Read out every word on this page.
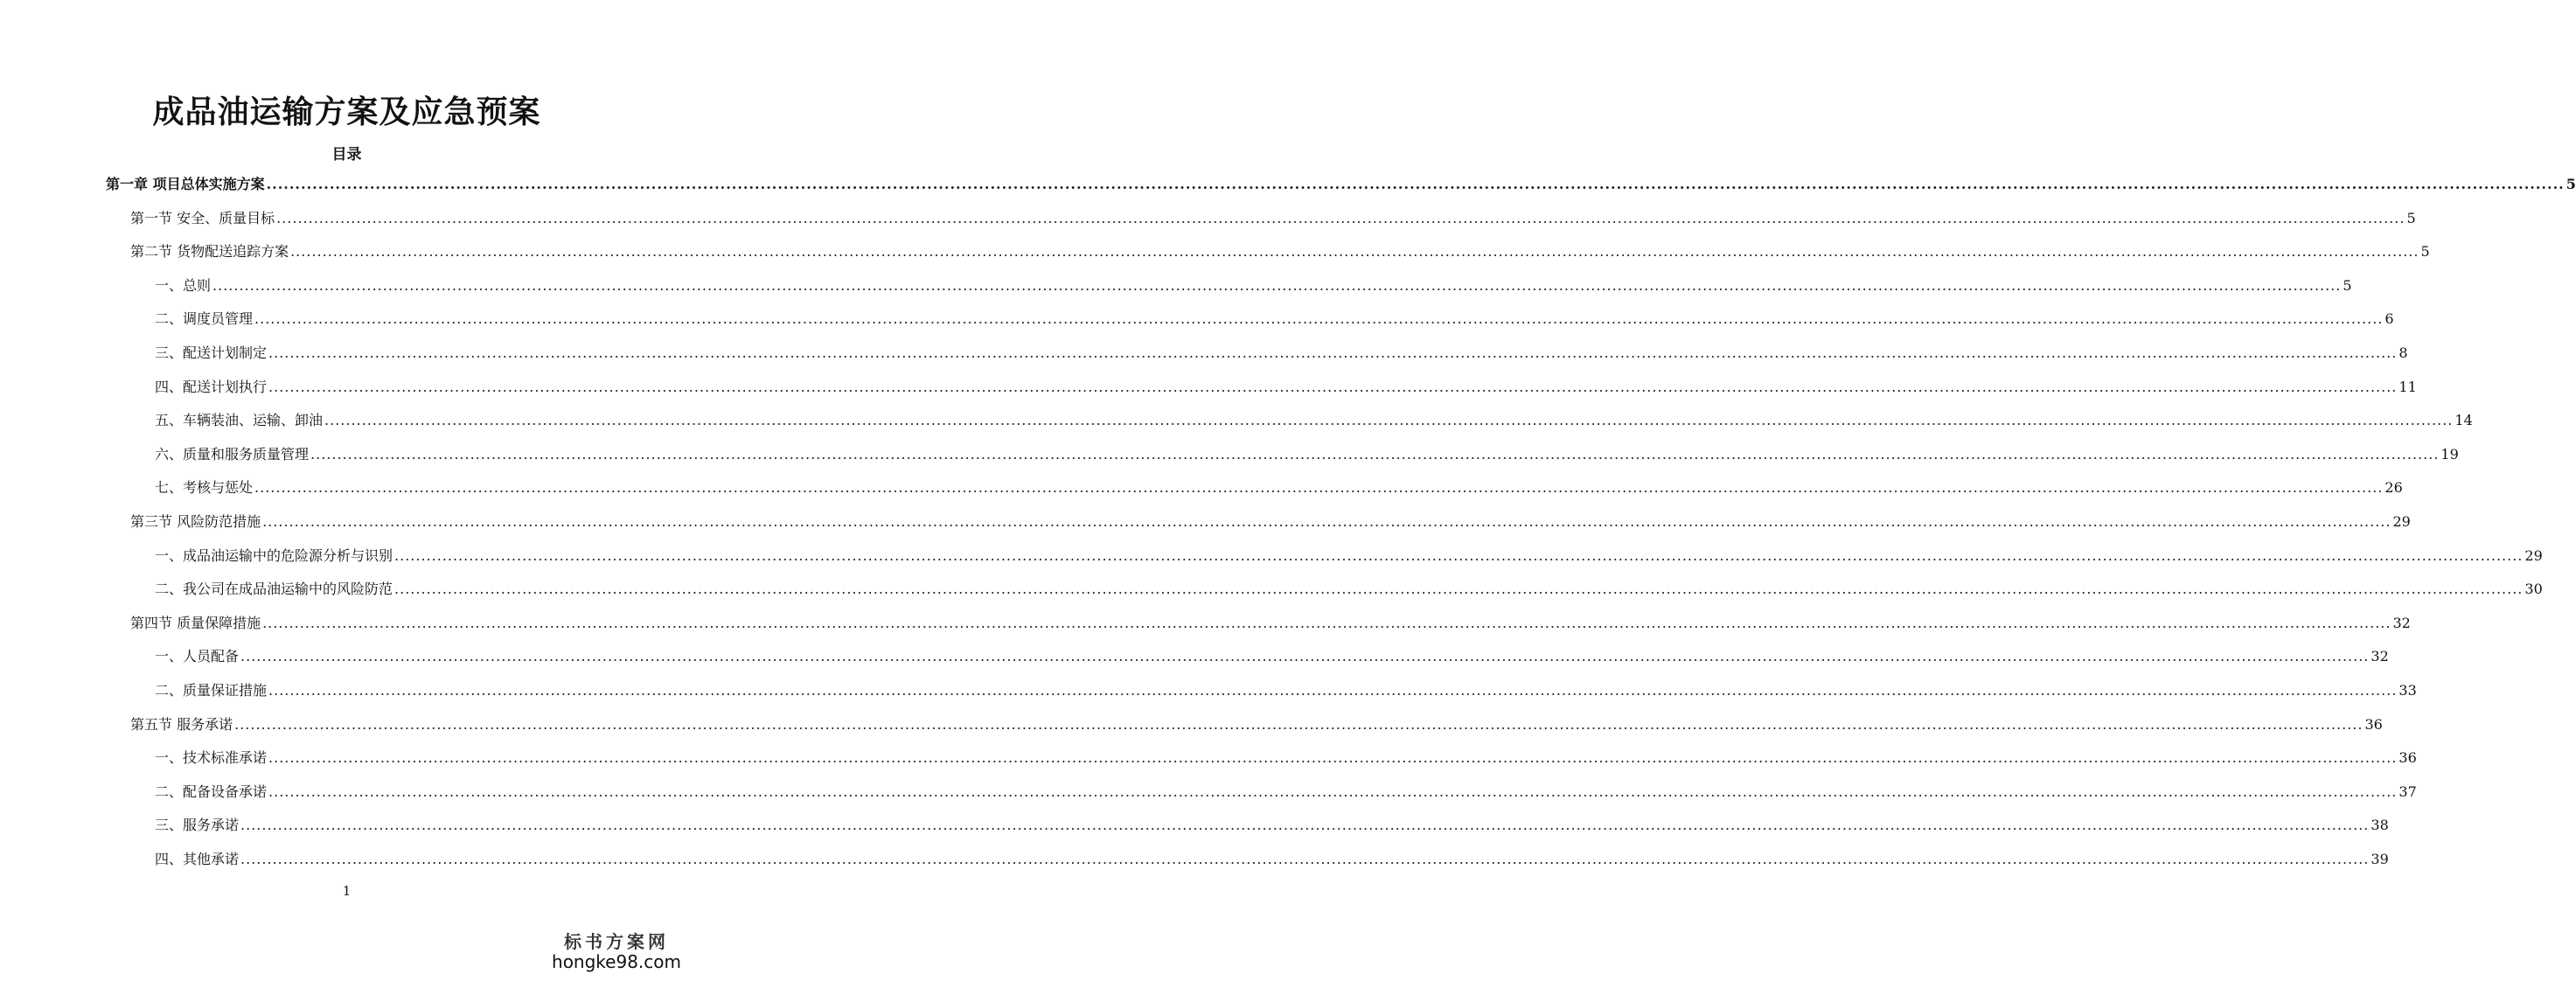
成品油运输方案及应急预案
目录
第一章 项目总体实施方案 ................................................................................................................................................................................................................................................................................................................................................................................................................ 5
第一节 安全、质量目标 ................................................................................................................................................................................................................................................................................................................................................................................................................ 5
第二节 货物配送追踪方案 ................................................................................................................................................................................................................................................................................................................................................................................................................ 5
一、总则 ................................................................................................................................................................................................................................................................................................................................................................................................................ 5
二、调度员管理 ................................................................................................................................................................................................................................................................................................................................................................................................................ 6
三、配送计划制定 ................................................................................................................................................................................................................................................................................................................................................................................................................ 8
四、配送计划执行 ................................................................................................................................................................................................................................................................................................................................................................................................................ 11
五、车辆装油、运输、卸油 ................................................................................................................................................................................................................................................................................................................................................................................................................ 14
六、质量和服务质量管理 ................................................................................................................................................................................................................................................................................................................................................................................................................ 19
七、考核与惩处 ................................................................................................................................................................................................................................................................................................................................................................................................................ 26
第三节 风险防范措施 ................................................................................................................................................................................................................................................................................................................................................................................................................ 29
一、成品油运输中的危险源分析与识别 ................................................................................................................................................................................................................................................................................................................................................................................................................ 29
二、我公司在成品油运输中的风险防范 ................................................................................................................................................................................................................................................................................................................................................................................................................ 30
第四节 质量保障措施 ................................................................................................................................................................................................................................................................................................................................................................................................................ 32
一、人员配备 ................................................................................................................................................................................................................................................................................................................................................................................................................ 32
二、质量保证措施 ................................................................................................................................................................................................................................................................................................................................................................................................................ 33
第五节 服务承诺 ................................................................................................................................................................................................................................................................................................................................................................................................................ 36
一、技术标准承诺 ................................................................................................................................................................................................................................................................................................................................................................................................................ 36
二、配备设备承诺 ................................................................................................................................................................................................................................................................................................................................................................................................................ 37
三、服务承诺 ................................................................................................................................................................................................................................................................................................................................................................................................................ 38
四、其他承诺 ................................................................................................................................................................................................................................................................................................................................................................................................................ 39
1
标书方案网
hongke98.com
